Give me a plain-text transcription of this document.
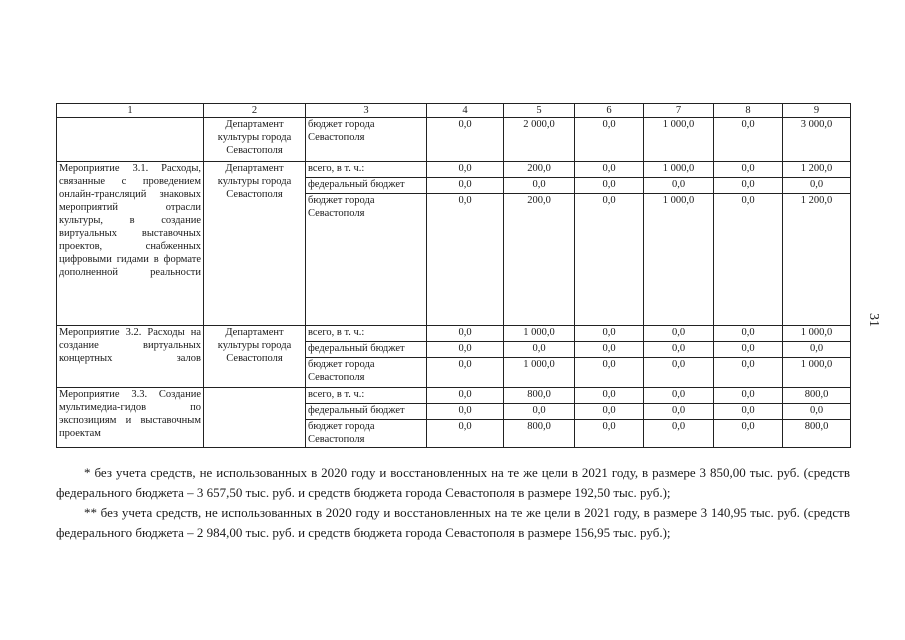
1	2	3	4	5	6	7	8	9
	Департамент культуры города Севастополя	бюджет города Севастополя	0,0	2 000,0	0,0	1 000,0	0,0	3 000,0
Мероприятие 3.1. Расходы, связанные с проведением онлайн-трансляций знаковых мероприятий отрасли культуры, в создание виртуальных выставочных проектов, снабженных цифровыми гидами в формате дополненной реальности	Департамент культуры города Севастополя	всего, в т. ч.:	0,0	200,0	0,0	1 000,0	0,0	1 200,0
		федеральный бюджет	0,0	0,0	0,0	0,0	0,0	0,0
		бюджет города Севастополя	0,0	200,0	0,0	1 000,0	0,0	1 200,0
Мероприятие 3.2. Расходы на создание виртуальных концертных залов	Департамент культуры города Севастополя	всего, в т. ч.:	0,0	1 000,0	0,0	0,0	0,0	1 000,0
		федеральный бюджет	0,0	0,0	0,0	0,0	0,0	0,0
		бюджет города Севастополя	0,0	1 000,0	0,0	0,0	0,0	1 000,0
Мероприятие 3.3. Создание мультимедиа-гидов по экспозициям и выставочным проектам		всего, в т. ч.:	0,0	800,0	0,0	0,0	0,0	800,0
		федеральный бюджет	0,0	0,0	0,0	0,0	0,0	0,0
		бюджет города Севастополя	0,0	800,0	0,0	0,0	0,0	800,0

* без учета средств, не использованных в 2020 году и восстановленных на те же цели в 2021 году, в размере 3 850,00 тыс. руб. (средств федерального бюджета – 3 657,50 тыс. руб. и средств бюджета города Севастополя в размере 192,50 тыс. руб.);

** без учета средств, не использованных в 2020 году и восстановленных на те же цели в 2021 году, в размере 3 140,95 тыс. руб. (средств федерального бюджета – 2 984,00 тыс. руб. и средств бюджета города Севастополя в размере 156,95 тыс. руб.);

31
